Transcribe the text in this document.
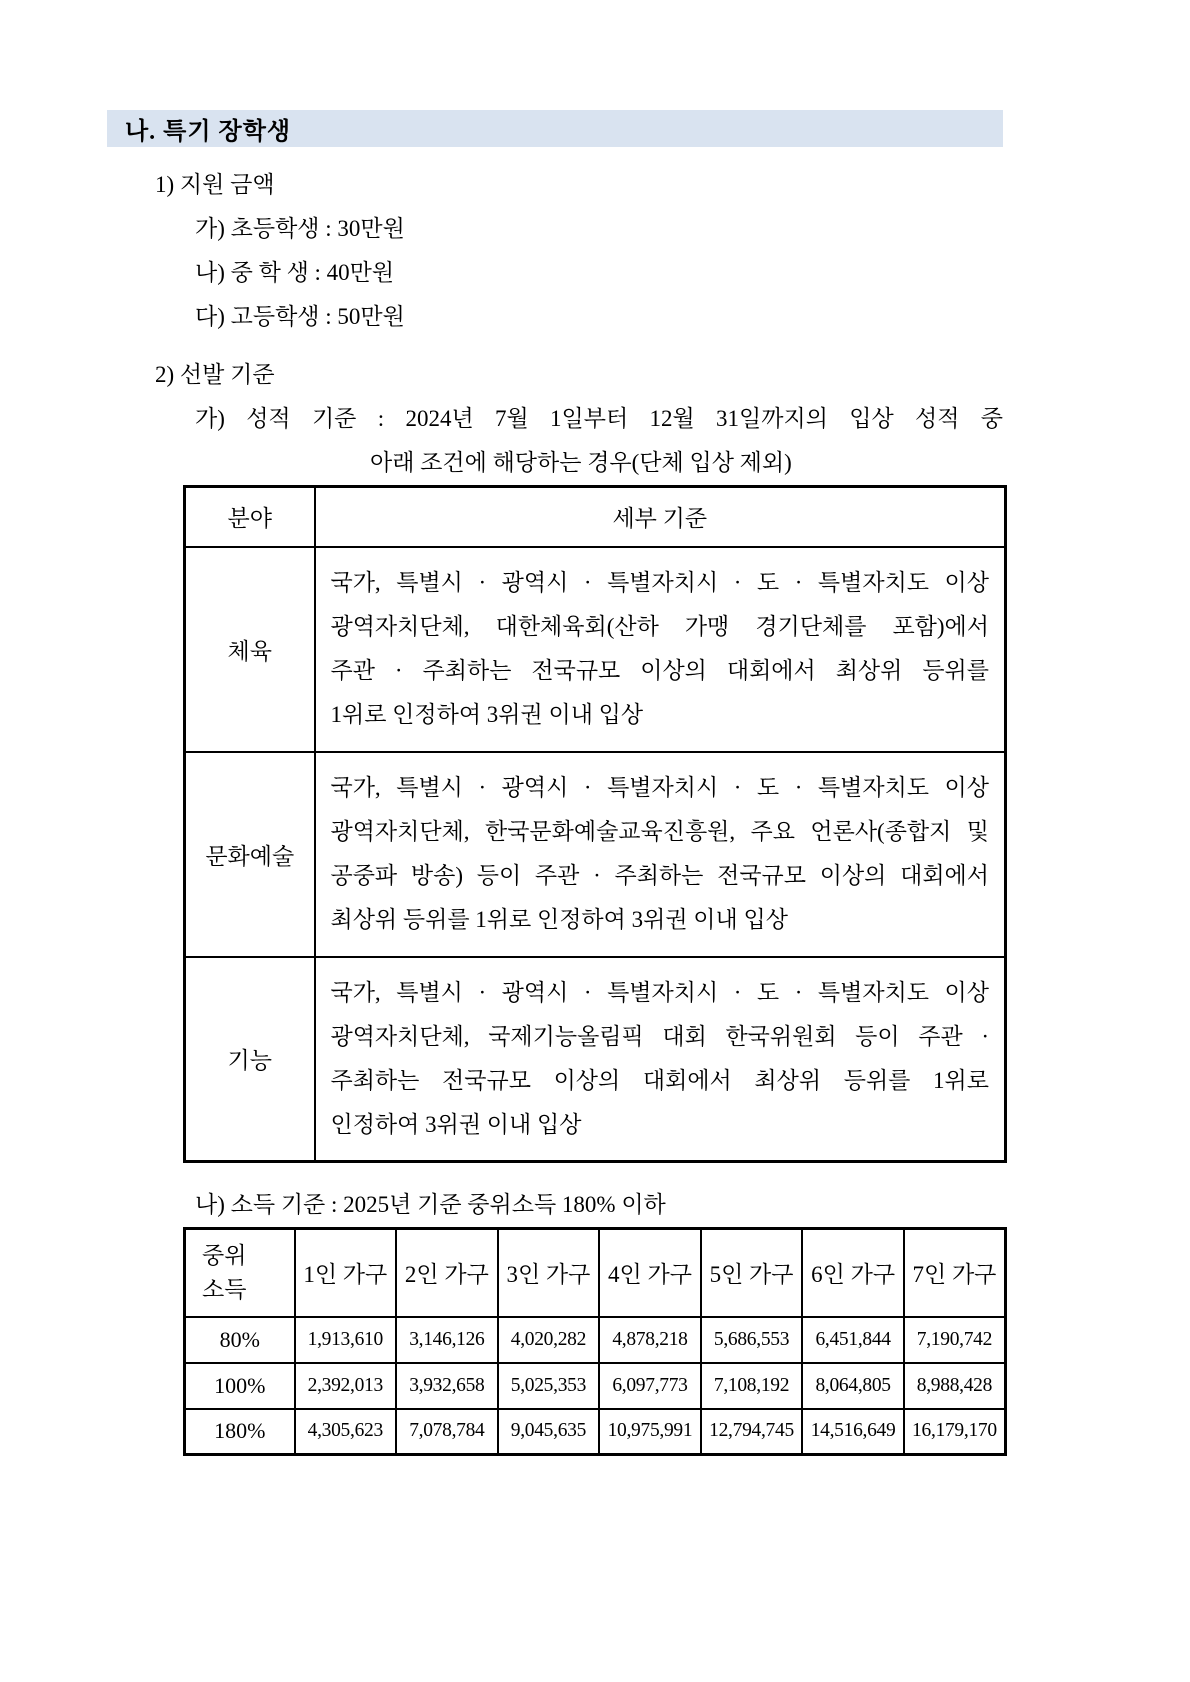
나. 특기 장학생
1) 지원 금액
가) 초등학생 : 30만원
나) 중 학 생 : 40만원
다) 고등학생 : 50만원
2) 선발 기준
가) 성적 기준 : 2024년 7월 1일부터 12월 31일까지의 입상 성적 중
아래 조건에 해당하는 경우(단체 입상 제외)
분야	세부 기준
체육	국가, 특별시 · 광역시 · 특별자치시 · 도 · 특별자치도 이상
광역자치단체, 대한체육회(산하 가맹 경기단체를 포함)에서
주관 · 주최하는 전국규모 이상의 대회에서 최상위 등위를
1위로 인정하여 3위권 이내 입상

문화예술	국가, 특별시 · 광역시 · 특별자치시 · 도 · 특별자치도 이상
광역자치단체, 한국문화예술교육진흥원, 주요 언론사(종합지 및
공중파 방송) 등이 주관 · 주최하는 전국규모 이상의 대회에서
최상위 등위를 1위로 인정하여 3위권 이내 입상

기능	국가, 특별시 · 광역시 · 특별자치시 · 도 · 특별자치도 이상
광역자치단체, 국제기능올림픽 대회 한국위원회 등이 주관 ·
주최하는 전국규모 이상의 대회에서 최상위 등위를 1위로
인정하여 3위권 이내 입상
나) 소득 기준 : 2025년 기준 중위소득 180% 이하
중위
소득	1인 가구	2인 가구	3인 가구	4인 가구	5인 가구	6인 가구	7인 가구
80%	1,913,610	3,146,126	4,020,282	4,878,218	5,686,553	6,451,844	7,190,742
100%	2,392,013	3,932,658	5,025,353	6,097,773	7,108,192	8,064,805	8,988,428
180%	4,305,623	7,078,784	9,045,635	10,975,991	12,794,745	14,516,649	16,179,170
